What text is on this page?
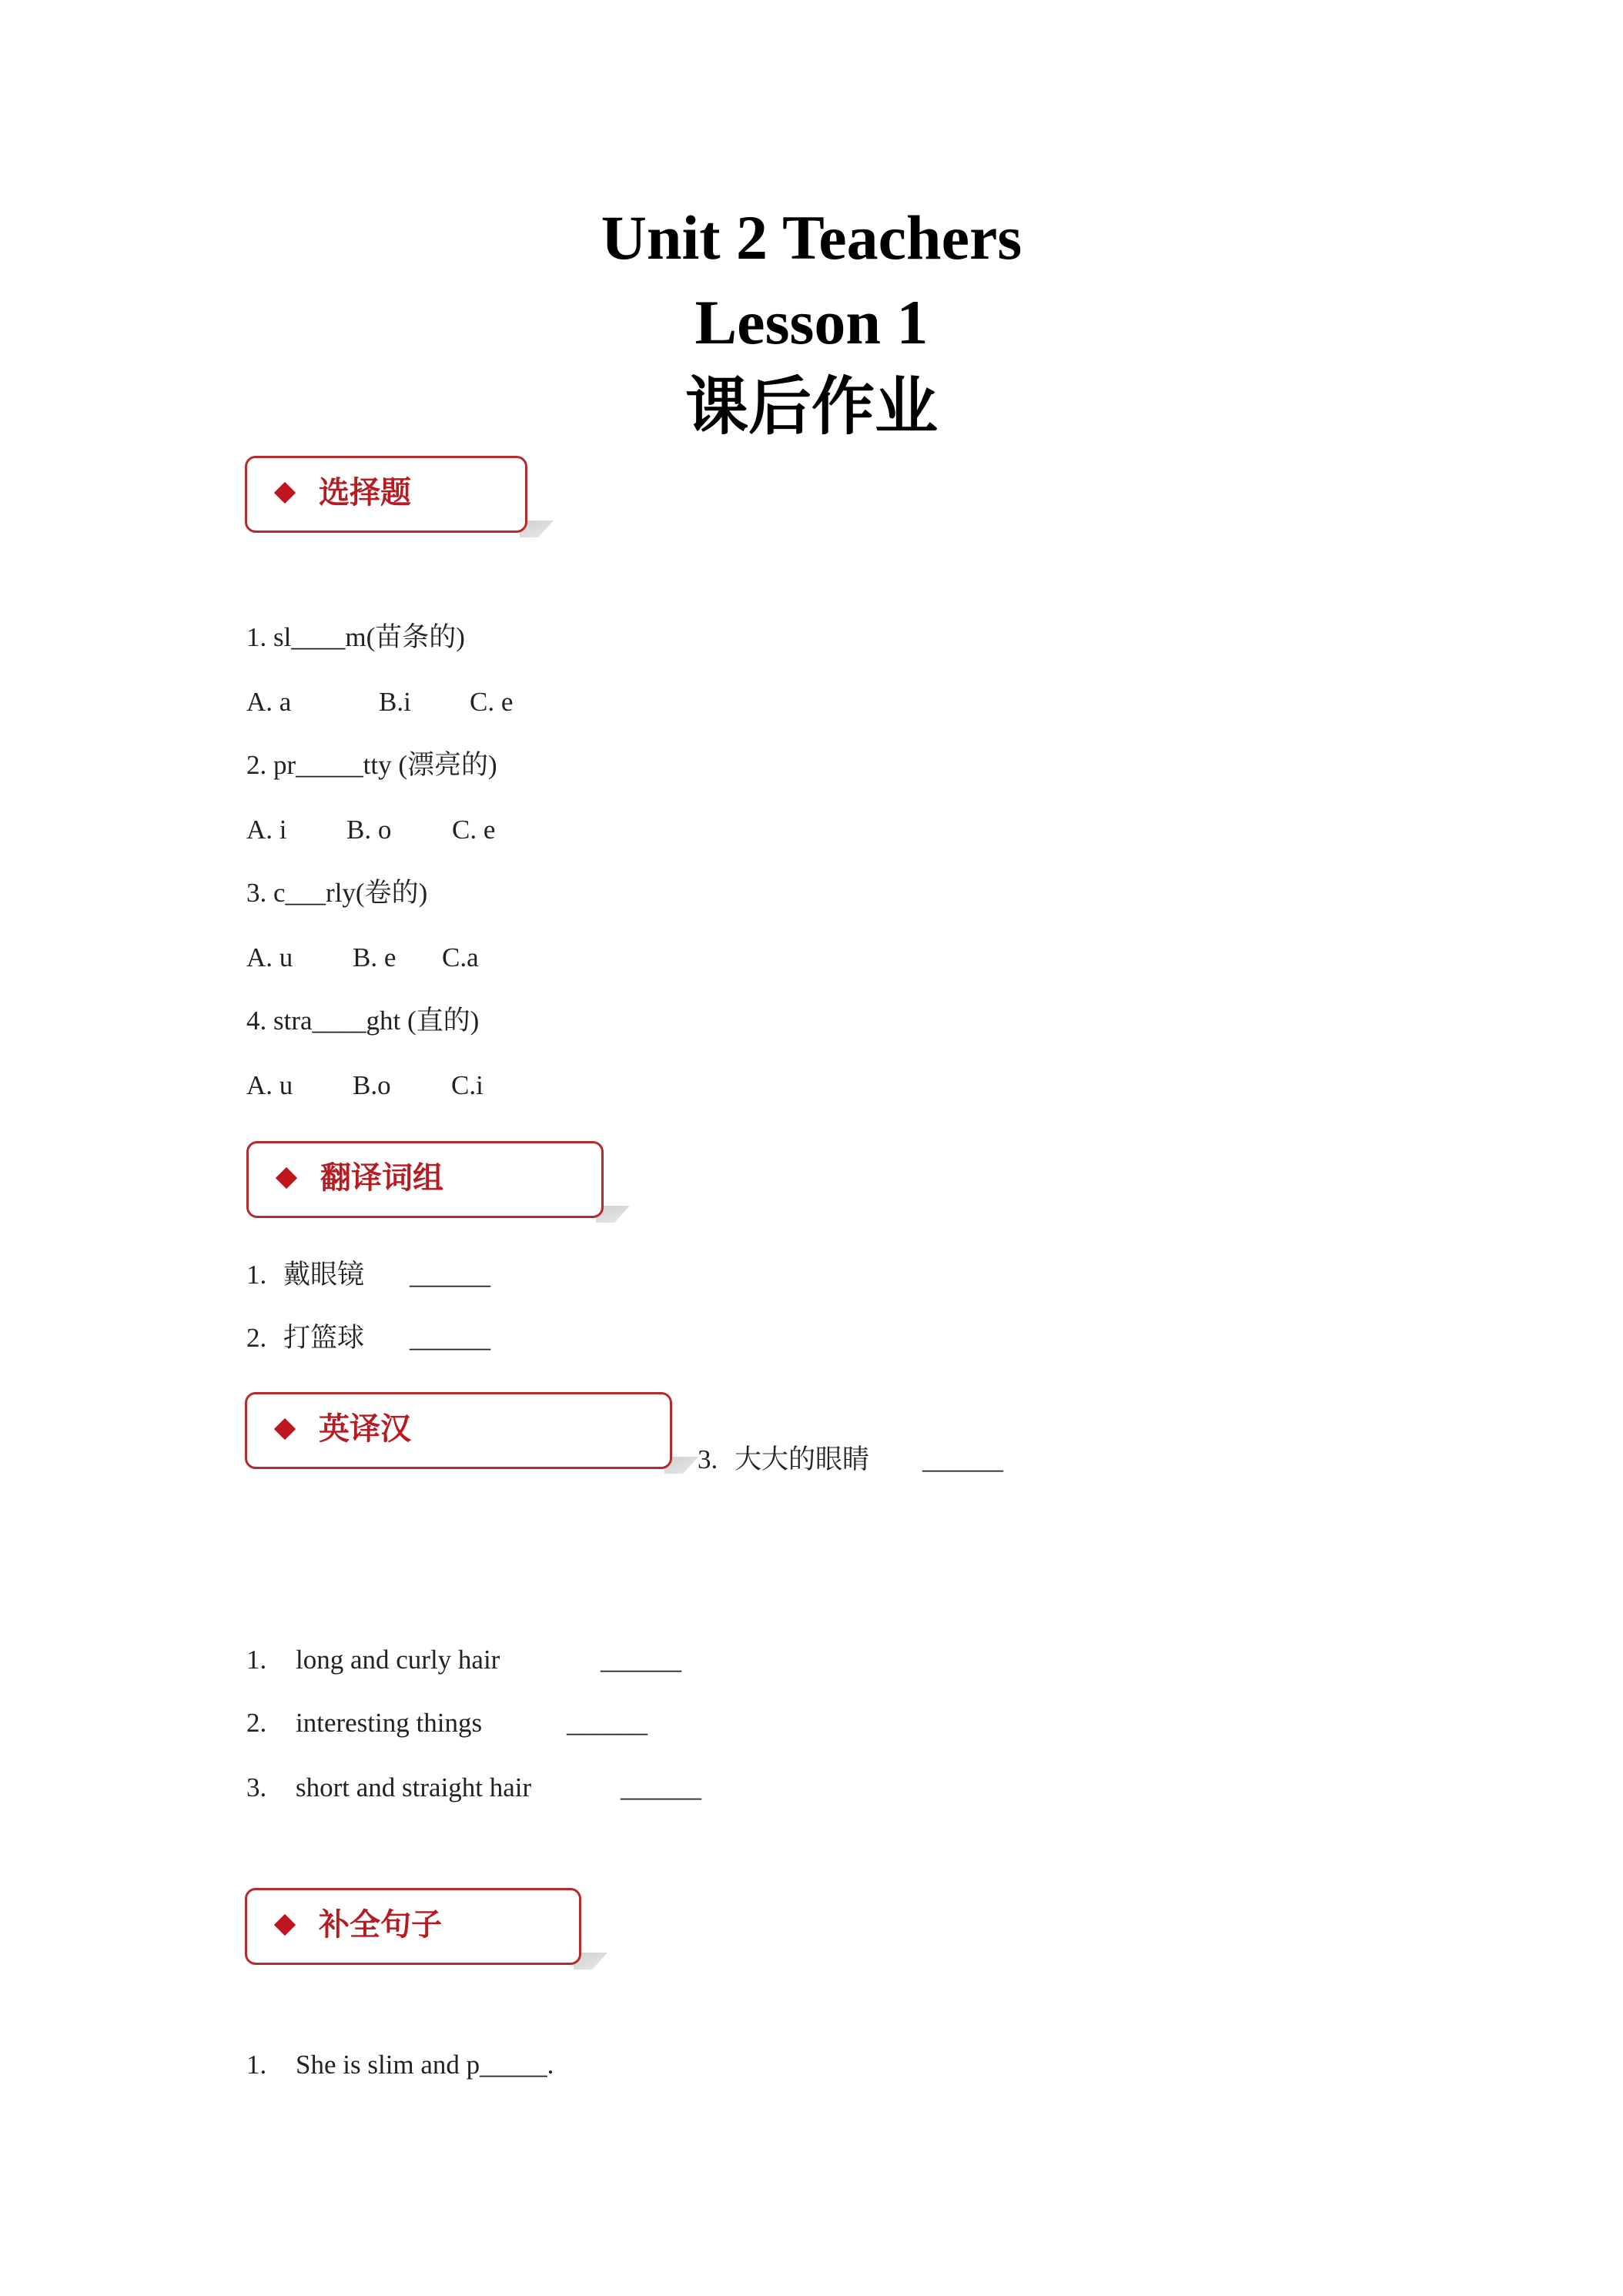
Unit 2 Teachers
Lesson 1
课后作业
选择题
1. sl____m(苗条的)
A. a	B.i C. e
2. pr_____tty (漂亮的)
A. i B. o C. e
3. c___rly(卷的)
A. u B. e C.a
4. stra____ght (直的)
A. u B.o C.i
翻译词组
1. 戴眼镜 ______
2. 打篮球 ______
3. 大大的眼睛 ______
英译汉
1. long and curly hair	______
2. interesting things	______
3. short and straight hair	______
补全句子
1. She is slim and p_____.
